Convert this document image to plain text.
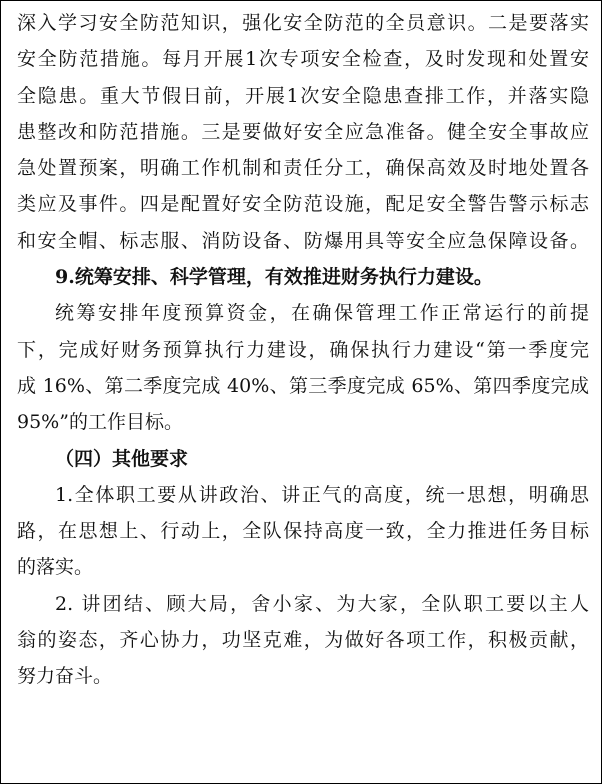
深入学习安全防范知识，强化安全防范的全员意识。二是要落实
安全防范措施。每月开展1次专项安全检查，及时发现和处置安
全隐患。重大节假日前，开展1次安全隐患查排工作，并落实隐
患整改和防范措施。三是要做好安全应急准备。健全安全事故应
急处置预案，明确工作机制和责任分工，确保高效及时地处置各
类应及事件。四是配置好安全防范设施，配足安全警告警示标志
和安全帽、标志服、消防设备、防爆用具等安全应急保障设备。
9.统筹安排、科学管理，有效推进财务执行力建设。
统筹安排年度预算资金，在确保管理工作正常运行的前提
下，完成好财务预算执行力建设，确保执行力建设“第一季度完
成 16%、第二季度完成 40%、第三季度完成 65%、第四季度完成
95%”的工作目标。
（四）其他要求
1.全体职工要从讲政治、讲正气的高度，统一思想，明确思
路，在思想上、行动上，全队保持高度一致，全力推进任务目标
的落实。
2. 讲团结、顾大局，舍小家、为大家，全队职工要以主人
翁的姿态，齐心协力，功坚克难，为做好各项工作，积极贡献，
努力奋斗。
